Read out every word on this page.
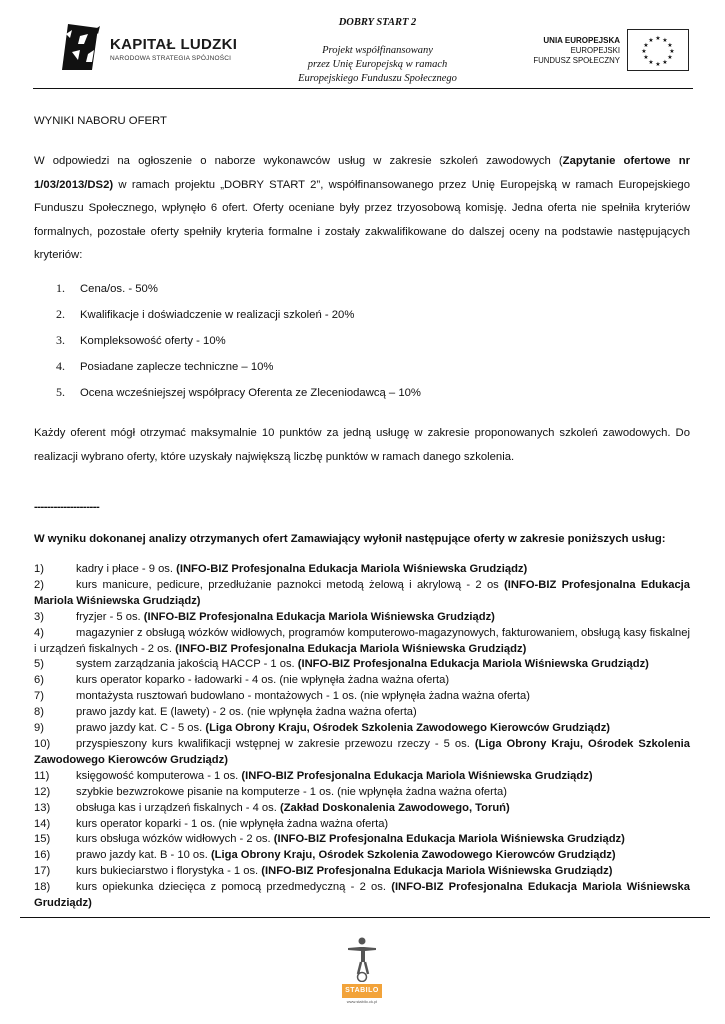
KAPITAŁ LUDZKI
NARODOWA STRATEGIA SPÓJNOŚCI
DOBRY START 2
Projekt współfinansowany
przez Unię Europejską w ramach
Europejskiego Funduszu Społecznego
UNIA EUROPEJSKA
EUROPEJSKI
FUNDUSZ SPOŁECZNY
★ ★
★
★
★
★
★
★
★
★
★
★
WYNIKI NABORU OFERT
W odpowiedzi na ogłoszenie o naborze wykonawców usług w zakresie szkoleń zawodowych (Zapytanie ofertowe nr 1/03/2013/DS2) w ramach projektu „DOBRY START 2”, współfinansowanego przez Unię Europejską w ramach Europejskiego Funduszu Społecznego, wpłynęło 6 ofert. Oferty oceniane były przez trzyosobową komisję. Jedna oferta nie spełniła kryteriów formalnych, pozostałe oferty spełniły kryteria formalne i zostały zakwalifikowane do dalszej oceny na podstawie następujących kryteriów:
1. Cena/os. - 50%
2. Kwalifikacje i doświadczenie w realizacji szkoleń - 20%
3. Kompleksowość oferty - 10%
4. Posiadane zaplecze techniczne – 10%
5. Ocena wcześniejszej współpracy Oferenta ze Zleceniodawcą – 10%
Każdy oferent mógł otrzymać maksymalnie 10 punktów za jedną usługę w zakresie proponowanych szkoleń zawodowych. Do realizacji wybrano oferty, które uzyskały największą liczbę punktów w ramach danego szkolenia.
--------------------
W wyniku dokonanej analizy otrzymanych ofert Zamawiający wyłonił następujące oferty w zakresie poniższych usług:
1)	kadry i płace - 9 os. (INFO-BIZ Profesjonalna Edukacja Mariola Wiśniewska Grudziądz)
2)	kurs manicure, pedicure, przedłużanie paznokci metodą żelową i akrylową - 2 os (INFO-BIZ Profesjonalna Edukacja Mariola Wiśniewska Grudziądz)
3)	fryzjer - 5 os. (INFO-BIZ Profesjonalna Edukacja Mariola Wiśniewska Grudziądz)
4)	magazynier z obsługą wózków widłowych, programów komputerowo-magazynowych, fakturowaniem, obsługą kasy fiskalnej i urządzeń fiskalnych - 2 os. (INFO-BIZ Profesjonalna Edukacja Mariola Wiśniewska Grudziądz)
5)	system zarządzania jakością HACCP - 1 os. (INFO-BIZ Profesjonalna Edukacja Mariola Wiśniewska Grudziądz)
6)	kurs operator koparko - ładowarki - 4 os. (nie wpłynęła żadna ważna oferta)
7)	montażysta rusztowań budowlano - montażowych - 1 os. (nie wpłynęła żadna ważna oferta)
8)	prawo jazdy kat. E (lawety) - 2 os. (nie wpłynęła żadna ważna oferta)
9)	prawo jazdy kat. C - 5 os. (Liga Obrony Kraju, Ośrodek Szkolenia Zawodowego Kierowców Grudziądz)
10) przyspieszony kurs kwalifikacji wstępnej w zakresie przewozu rzeczy - 5 os. (Liga Obrony Kraju, Ośrodek Szkolenia Zawodowego Kierowców Grudziądz)
11) księgowość komputerowa - 1 os. (INFO-BIZ Profesjonalna Edukacja Mariola Wiśniewska Grudziądz)
12) szybkie bezwzrokowe pisanie na komputerze - 1 os. (nie wpłynęła żadna ważna oferta)
13) obsługa kas i urządzeń fiskalnych - 4 os. (Zakład Doskonalenia Zawodowego, Toruń)
14) kurs operator koparki - 1 os. (nie wpłynęła żadna ważna oferta)
15) kurs obsługa wózków widłowych - 2 os. (INFO-BIZ Profesjonalna Edukacja Mariola Wiśniewska Grudziądz)
16) prawo jazdy kat. B - 10 os. (Liga Obrony Kraju, Ośrodek Szkolenia Zawodowego Kierowców Grudziądz)
17) kurs bukieciarstwo i florystyka - 1 os. (INFO-BIZ Profesjonalna Edukacja Mariola Wiśniewska Grudziądz)
18) kurs opiekunka dziecięca z pomocą przedmedyczną - 2 os. (INFO-BIZ Profesjonalna Edukacja Mariola Wiśniewska Grudziądz)
STABILO
www.stabilo.ck.pl
